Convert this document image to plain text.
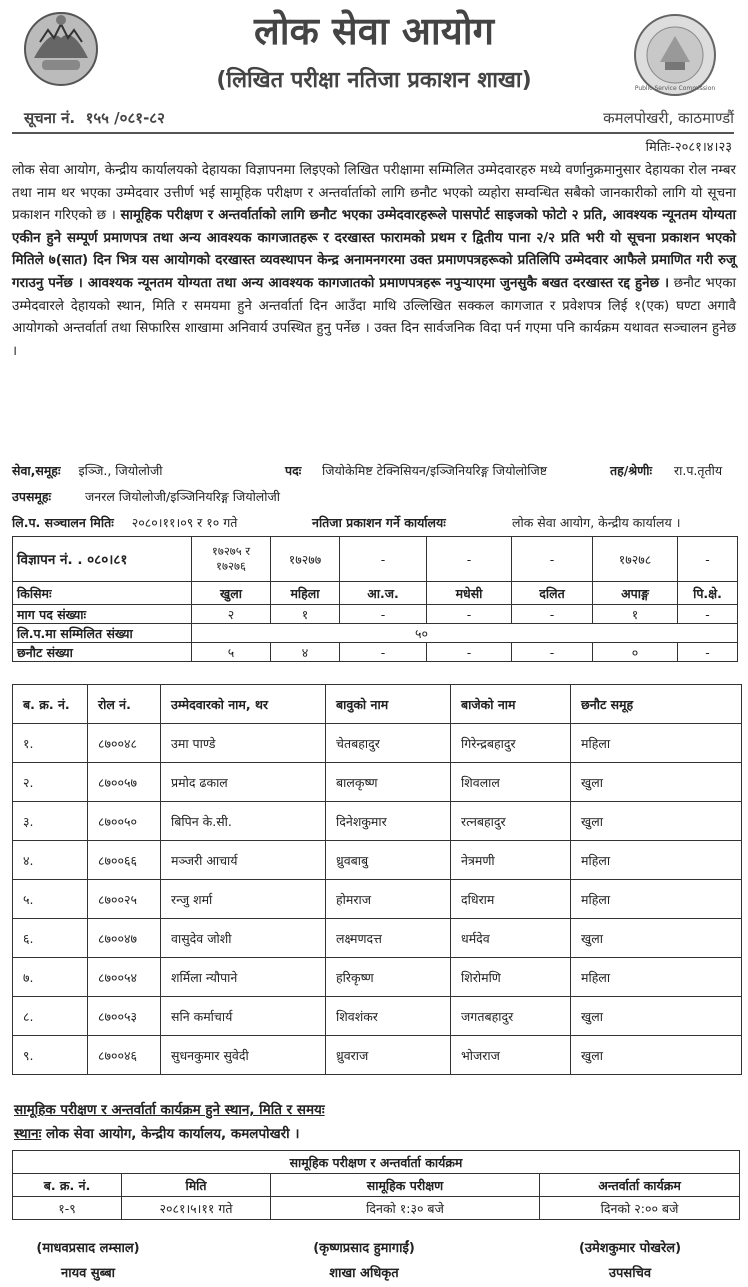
Public Service Commission
लोक सेवा आयोग
(लिखित परीक्षा नतिजा प्रकाशन शाखा)
सूचना नं.  १५५ /०८१-८२	कमलपोखरी, काठमाण्डौं
मितिः-२०८१।४।२३
लोक सेवा आयोग, केन्द्रीय कार्यालयको देहायका विज्ञापनमा लिइएको लिखित परीक्षामा सम्मिलित उम्मेदवारहरु मध्ये वर्णानुक्रमानुसार देहायका रोल नम्बर तथा नाम थर भएका उम्मेदवार उत्तीर्ण भई सामूहिक परीक्षण र अन्तर्वार्ताको लागि छनौट भएको व्यहोरा सम्वन्धित सबैको जानकारीको लागि यो सूचना प्रकाशन गरिएको छ । सामूहिक परीक्षण र अन्तर्वार्ताको लागि छनौट भएका उम्मेदवारहरूले पासपोर्ट साइजको फोटो २ प्रति, आवश्यक न्यूनतम योग्यता एकीन हुने सम्पूर्ण प्रमाणपत्र तथा अन्य आवश्यक कागजातहरू र दरखास्त फारामको प्रथम र द्वितीय पाना २/२ प्रति भरी यो सूचना प्रकाशन भएको मितिले ७(सात) दिन भित्र यस आयोगको दरखास्त व्यवस्थापन केन्द्र अनामनगरमा उक्त प्रमाणपत्रहरूको प्रतिलिपि उम्मेदवार आफैले प्रमाणित गरी रुजू गराउनु पर्नेछ । आवश्यक न्यूनतम योग्यता तथा अन्य आवश्यक कागजातको प्रमाणपत्रहरू नपुऱ्याएमा जुनसुकै बखत दरखास्त रद्द हुनेछ । छनौट भएका उम्मेदवारले देहायको स्थान, मिति र समयमा हुने अन्तर्वार्ता दिन आउँदा माथि उल्लिखित सक्कल कागजात र प्रवेशपत्र लिई १(एक) घण्टा अगावै आयोगको अन्तर्वार्ता तथा सिफारिस शाखामा अनिवार्य उपस्थित हुनु पर्नेछ । उक्त दिन सार्वजनिक विदा पर्न गएमा पनि कार्यक्रम यथावत सञ्चालन हुनेछ ।
सेवा,समूहः इञ्जि., जियोलोजी	पदः जियोकेमिष्ट टेक्निसियन/इञ्जिनियरिङ्ग जियोलोजिष्ट	तह/श्रेणीः रा.प.तृतीय
उपसमूहः	जनरल जियोलोजी/इञ्जिनियरिङ्ग जियोलोजी
लि.प. सञ्चालन मितिः २०८०।११।०९ र १० गते	नतिजा प्रकाशन गर्ने कार्यालयः	लोक सेवा आयोग, केन्द्रीय कार्यालय ।
विज्ञापन नं. . ०८०।८१	१७२७५ र १७२७६	१७२७७	-	-	-	१७२७८	-
किसिमः	खुला	महिला	आ.ज.	मधेसी	दलित	अपाङ्ग	पि.क्षे.
माग पद संख्याः	२	१	-	-	-	१	-
लि.प.मा सम्मिलित संख्या	५०						
छनौट संख्या	५	४	-	-	-	०	-
ब. क्र. नं.	रोल नं.	उम्मेदवारको नाम, थर	बावुको नाम	बाजेको नाम	छनौट समूह
१.	८७००४८	उमा पाण्डे	चेतबहादुर	गिरेन्द्रबहादुर	महिला
२.	८७००५७	प्रमोद ढकाल	बालकृष्ण	शिवलाल	खुला
३.	८७००५०	बिपिन के.सी.	दिनेशकुमार	रत्नबहादुर	खुला
४.	८७००६६	मञ्जरी आचार्य	ध्रुवबाबु	नेत्रमणी	महिला
५.	८७००२५	रन्जु शर्मा	होमराज	दधिराम	महिला
६.	८७००४७	वासुदेव जोशी	लक्ष्मणदत्त	धर्मदेव	खुला
७.	८७००५४	शर्मिला न्यौपाने	हरिकृष्ण	शिरोमणि	महिला
८.	८७००५३	सनि कर्माचार्य	शिवशंकर	जगतबहादुर	खुला
९.	८७००४६	सुधनकुमार सुवेदी	ध्रुवराज	भोजराज	खुला
सामूहिक परीक्षण र अन्तर्वार्ता कार्यक्रम हुने स्थान, मिति र समयः
स्थानः लोक सेवा आयोग, केन्द्रीय कार्यालय, कमलपोखरी ।
सामूहिक परीक्षण र अन्तर्वार्ता कार्यक्रम			
ब. क्र. नं.	मिति	सामूहिक परीक्षण	अन्तर्वार्ता कार्यक्रम
१-९	२०८१।५।११ गते	दिनको १:३० बजे	दिनको २:०० बजे
(माधवप्रसाद लम्साल)
नायव सुब्बा
(कृष्णप्रसाद हुमागाईं)
शाखा अधिकृत
(उमेशकुमार पोखरेल)
उपसचिव
